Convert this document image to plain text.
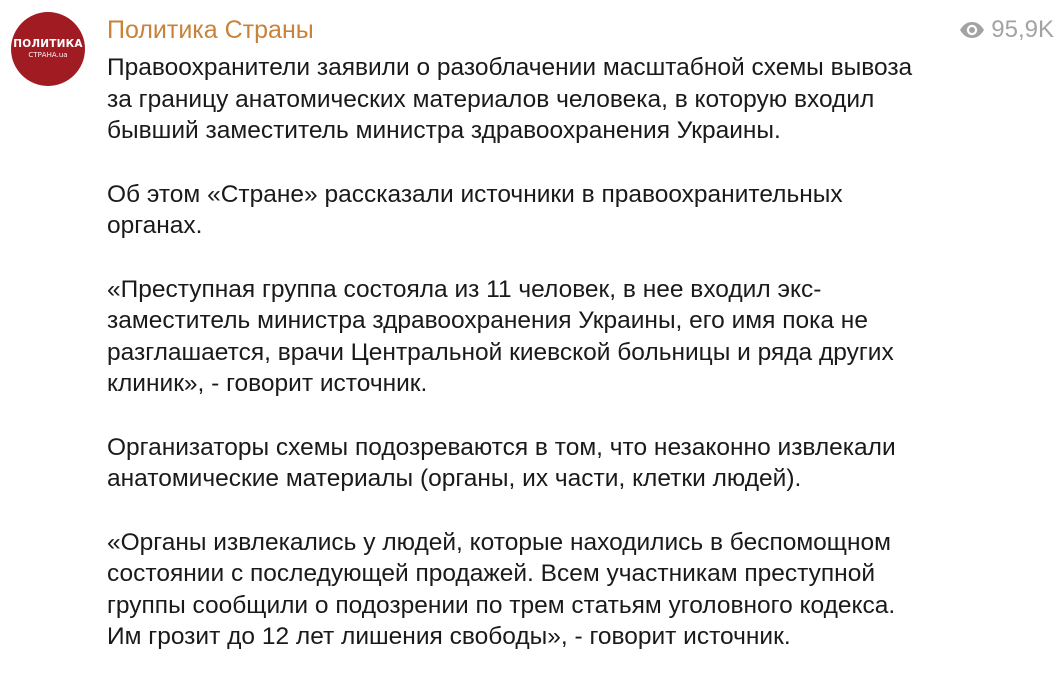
ПОЛИТИКА
СТРАНА.ua
Политика Страны	95,9K
Правоохранители заявили о разоблачении масштабной схемы вывоза
за границу анатомических материалов человека, в которую входил
бывший заместитель министра здравоохранения Украины.
Об этом «Стране» рассказали источники в правоохранительных
органах.
«Преступная группа состояла из 11 человек, в нее входил экс-
заместитель министра здравоохранения Украины, его имя пока не
разглашается, врачи Центральной киевской больницы и ряда других
клиник», - говорит источник.
Организаторы схемы подозреваются в том, что незаконно извлекали
анатомические материалы (органы, их части, клетки людей).
«Органы извлекались у людей, которые находились в беспомощном
состоянии с последующей продажей. Всем участникам преступной
группы сообщили о подозрении по трем статьям уголовного кодекса.
Им грозит до 12 лет лишения свободы», - говорит источник.
